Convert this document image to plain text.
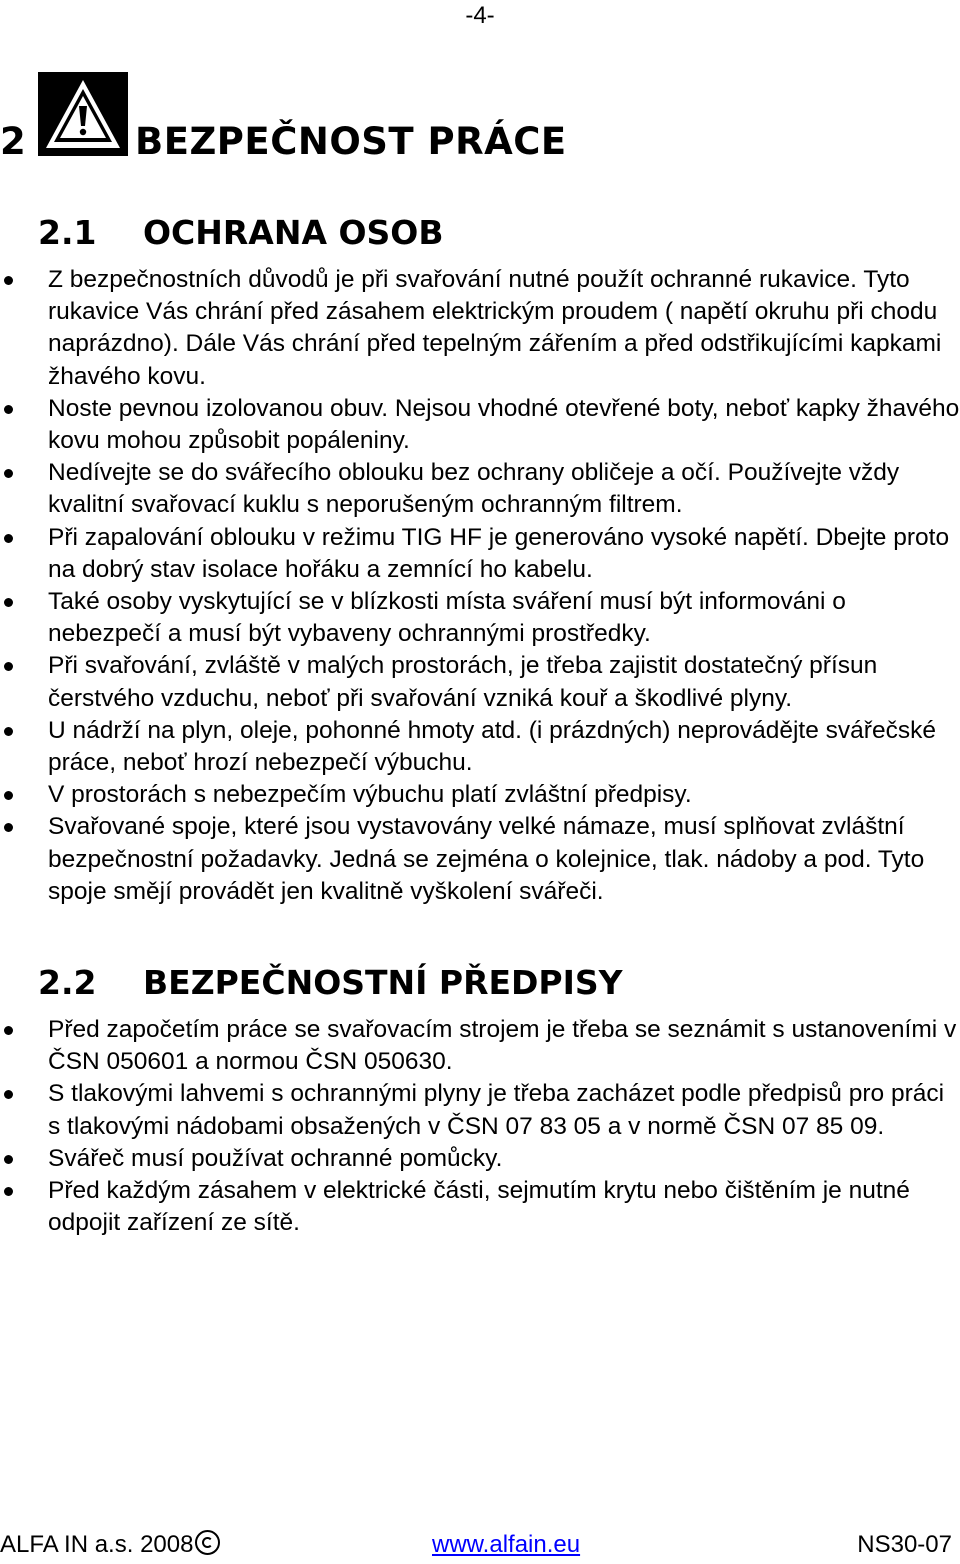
-4-
2	BEZPEČNOST PRÁCE
2.1 OCHRANA OSOB
Z bezpečnostních důvodů je při svařování nutné použít ochranné rukavice. Tyto rukavice Vás chrání před zásahem elektrickým proudem ( napětí okruhu při chodu naprázdno). Dále Vás chrání před tepelným zářením a před odstřikujícími kapkami žhavého kovu.
Noste pevnou izolovanou obuv. Nejsou vhodné otevřené boty, neboť kapky žhavého kovu mohou způsobit popáleniny.
Nedívejte se do svářecího oblouku bez ochrany obličeje a očí. Používejte vždy kvalitní svařovací kuklu s neporušeným ochranným filtrem.
Při zapalování oblouku v režimu TIG HF je generováno vysoké napětí. Dbejte proto na dobrý stav isolace hořáku a zemnící ho kabelu.
Také osoby vyskytující se v blízkosti místa sváření musí být informováni o nebezpečí a musí být vybaveny ochrannými prostředky.
Při svařování, zvláště v malých prostorách, je třeba zajistit dostatečný přísun čerstvého vzduchu, neboť při svařování vzniká kouř a škodlivé plyny.
U nádrží na plyn, oleje, pohonné hmoty atd. (i prázdných) neprovádějte svářečské práce, neboť hrozí nebezpečí výbuchu.
V prostorách s nebezpečím výbuchu platí zvláštní předpisy.
Svařované spoje, které jsou vystavovány velké námaze, musí splňovat zvláštní bezpečnostní požadavky. Jedná se zejména o kolejnice, tlak. nádoby a pod. Tyto spoje smějí provádět jen kvalitně vyškolení svářeči.
2.2 BEZPEČNOSTNÍ PŘEDPISY
Před započetím práce se svařovacím strojem je třeba se seznámit s ustanoveními v ČSN 050601 a normou ČSN 050630.
S tlakovými lahvemi s ochrannými plyny je třeba zacházet podle předpisů pro práci s tlakovými nádobami obsažených v ČSN 07 83 05 a v normě ČSN 07 85 09.
Svářeč musí používat ochranné pomůcky.
Před každým zásahem v elektrické části, sejmutím krytu nebo čištěním je nutné odpojit zařízení ze sítě.
ALFA IN a.s. 2008	www.alfain.eu	NS30-07
